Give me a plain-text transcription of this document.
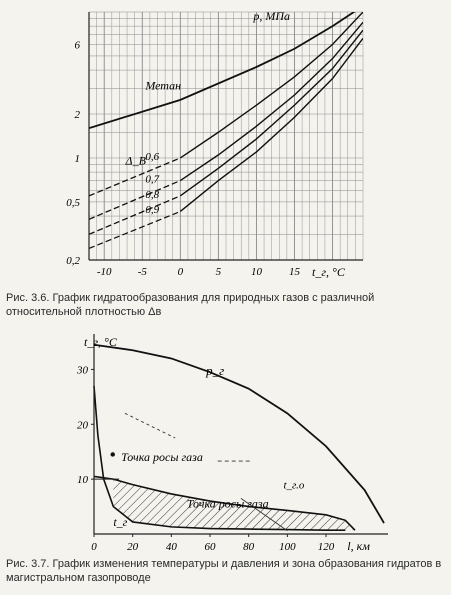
-10 -5	0	5	10 15
0,2
0,5
1
2
6
p, МПа
t_г, °C
Метан
Δ_В 0,6
0,7
0,8
0,9
Рис. 3.6. График гидратообразования для природных газов с различной относительной плотностью Δв
0	20	40	60	80 100 120
10
20
30
t_г, °C
l, км
p_г
Точка росы газа
Точка росы газа
t_г.о
t_г
Рис. 3.7. График изменения температуры и давления и зона образования гидратов в магистральном газопроводе
